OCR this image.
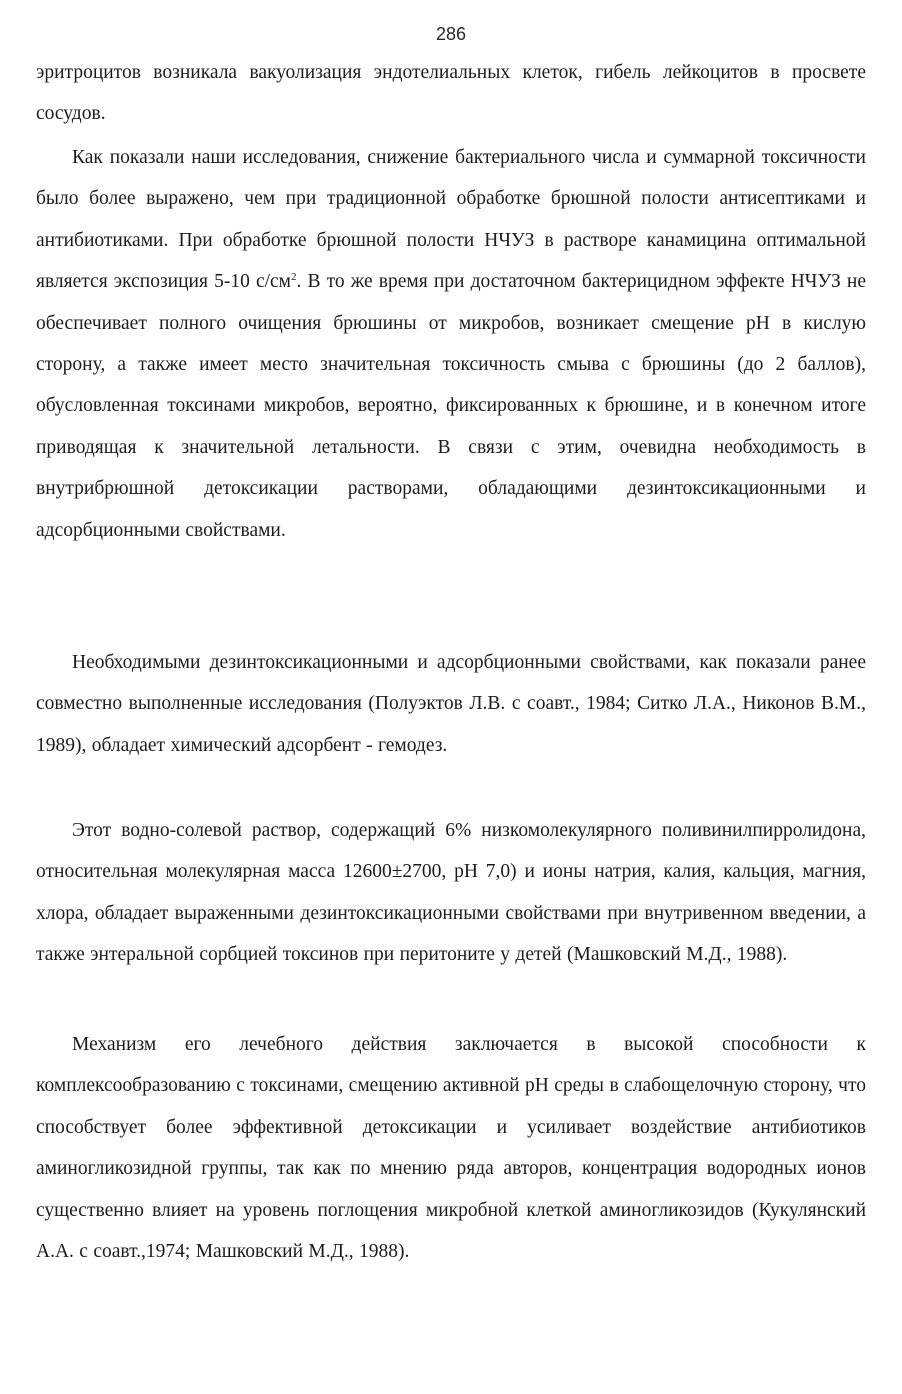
286

эритроцитов возникала вакуолизация эндотелиальных клеток, гибель лейкоцитов в просвете сосудов.

Как показали наши исследования, снижение бактериального числа и суммарной токсичности было более выражено, чем при традиционной обработке брюшной полости антисептиками и антибиотиками. При обработке брюшной полости НЧУЗ в растворе канамицина оптимальной является экспозиция 5-10 $с/см^2$. В то же время при достаточном бактерицидном эффекте НЧУЗ не обеспечивает полного очищения брюшины от микробов, возникает смещение pH в кислую сторону, а также имеет место значительная токсичность смыва с брюшины (до 2 баллов), обусловленная токсинами микробов, вероятно, фиксированных к брюшине, и в конечном итоге приводящая к значительной летальности. В связи с этим, очевидна необходимость в внутрибрюшной детоксикации растворами, обладающими дезинтоксикационными и адсорбционными свойствами.

Необходимыми дезинтоксикационными и адсорбционными свойствами, как показали ранее совместно выполненные исследования (Полуэктов Л.В. с соавт., 1984; Ситко Л.А., Никонов В.М., 1989), обладает химический адсорбент - гемодез.

Этот водно-солевой раствор, содержащий 6% низкомолекулярного поливинилпирролидона, относительная молекулярная масса 12600±2700, pH 7,0) и ионы натрия, калия, кальция, магния, хлора, обладает выраженными дезинтоксикационными свойствами при внутривенном введении, а также энтеральной сорбцией токсинов при перитоните у детей (Машковский М.Д., 1988).

Механизм его лечебного действия заключается в высокой способности к комплексообразованию с токсинами, смещению активной pH среды в слабощелочную сторону, что способствует более эффективной детоксикации и усиливает воздействие антибиотиков аминогликозидной группы, так как по мнению ряда авторов, концентрация водородных ионов существенно влияет на уровень поглощения микробной клеткой аминогликозидов (Кукулянский А.А. с соавт.,1974; Машковский М.Д., 1988).
